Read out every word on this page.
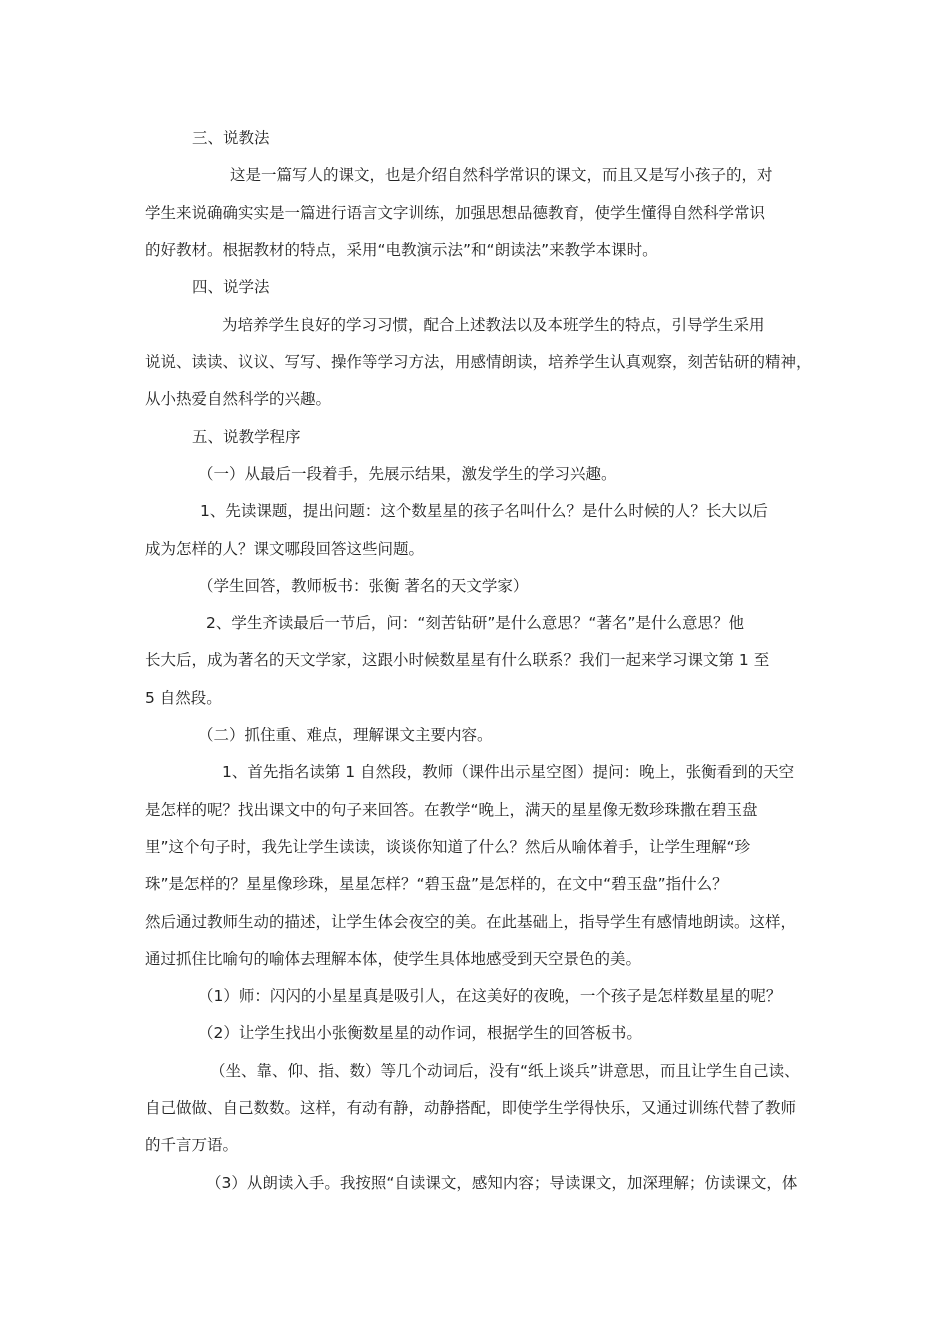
三、说教法

这是一篇写人的课文，也是介绍自然科学常识的课文，而且又是写小孩子的，对

学生来说确确实实是一篇进行语言文字训练，加强思想品德教育，使学生懂得自然科学常识

的好教材。根据教材的特点，采用“电教演示法”和“朗读法”来教学本课时。

四、说学法

为培养学生良好的学习习惯，配合上述教法以及本班学生的特点，引导学生采用

说说、读读、议议、写写、操作等学习方法，用感情朗读，培养学生认真观察，刻苦钻研的精神，

从小热爱自然科学的兴趣。

五、说教学程序

（一）从最后一段着手，先展示结果，激发学生的学习兴趣。

1、先读课题，提出问题：这个数星星的孩子名叫什么？是什么时候的人？长大以后

成为怎样的人？课文哪段回答这些问题。

（学生回答，教师板书：张衡 著名的天文学家）

2、学生齐读最后一节后，问：“刻苦钻研”是什么意思？“著名”是什么意思？他

长大后，成为著名的天文学家，这跟小时候数星星有什么联系？我们一起来学习课文第 1 至

5 自然段。

（二）抓住重、难点，理解课文主要内容。

1、首先指名读第 1 自然段，教师（课件出示星空图）提问：晚上，张衡看到的天空

是怎样的呢？找出课文中的句子来回答。在教学“晚上，满天的星星像无数珍珠撒在碧玉盘

里”这个句子时，我先让学生读读，谈谈你知道了什么？然后从喻体着手，让学生理解“珍

珠”是怎样的？星星像珍珠，星星怎样？“碧玉盘”是怎样的，在文中“碧玉盘”指什么？

然后通过教师生动的描述，让学生体会夜空的美。在此基础上，指导学生有感情地朗读。这样，

通过抓住比喻句的喻体去理解本体，使学生具体地感受到天空景色的美。

（1）师：闪闪的小星星真是吸引人，在这美好的夜晚，一个孩子是怎样数星星的呢？

（2）让学生找出小张衡数星星的动作词，根据学生的回答板书。

（坐、靠、仰、指、数）等几个动词后，没有“纸上谈兵”讲意思，而且让学生自己读、

自己做做、自己数数。这样，有动有静，动静搭配，即使学生学得快乐，又通过训练代替了教师

的千言万语。

（3）从朗读入手。我按照“自读课文，感知内容；导读课文，加深理解；仿读课文，体
